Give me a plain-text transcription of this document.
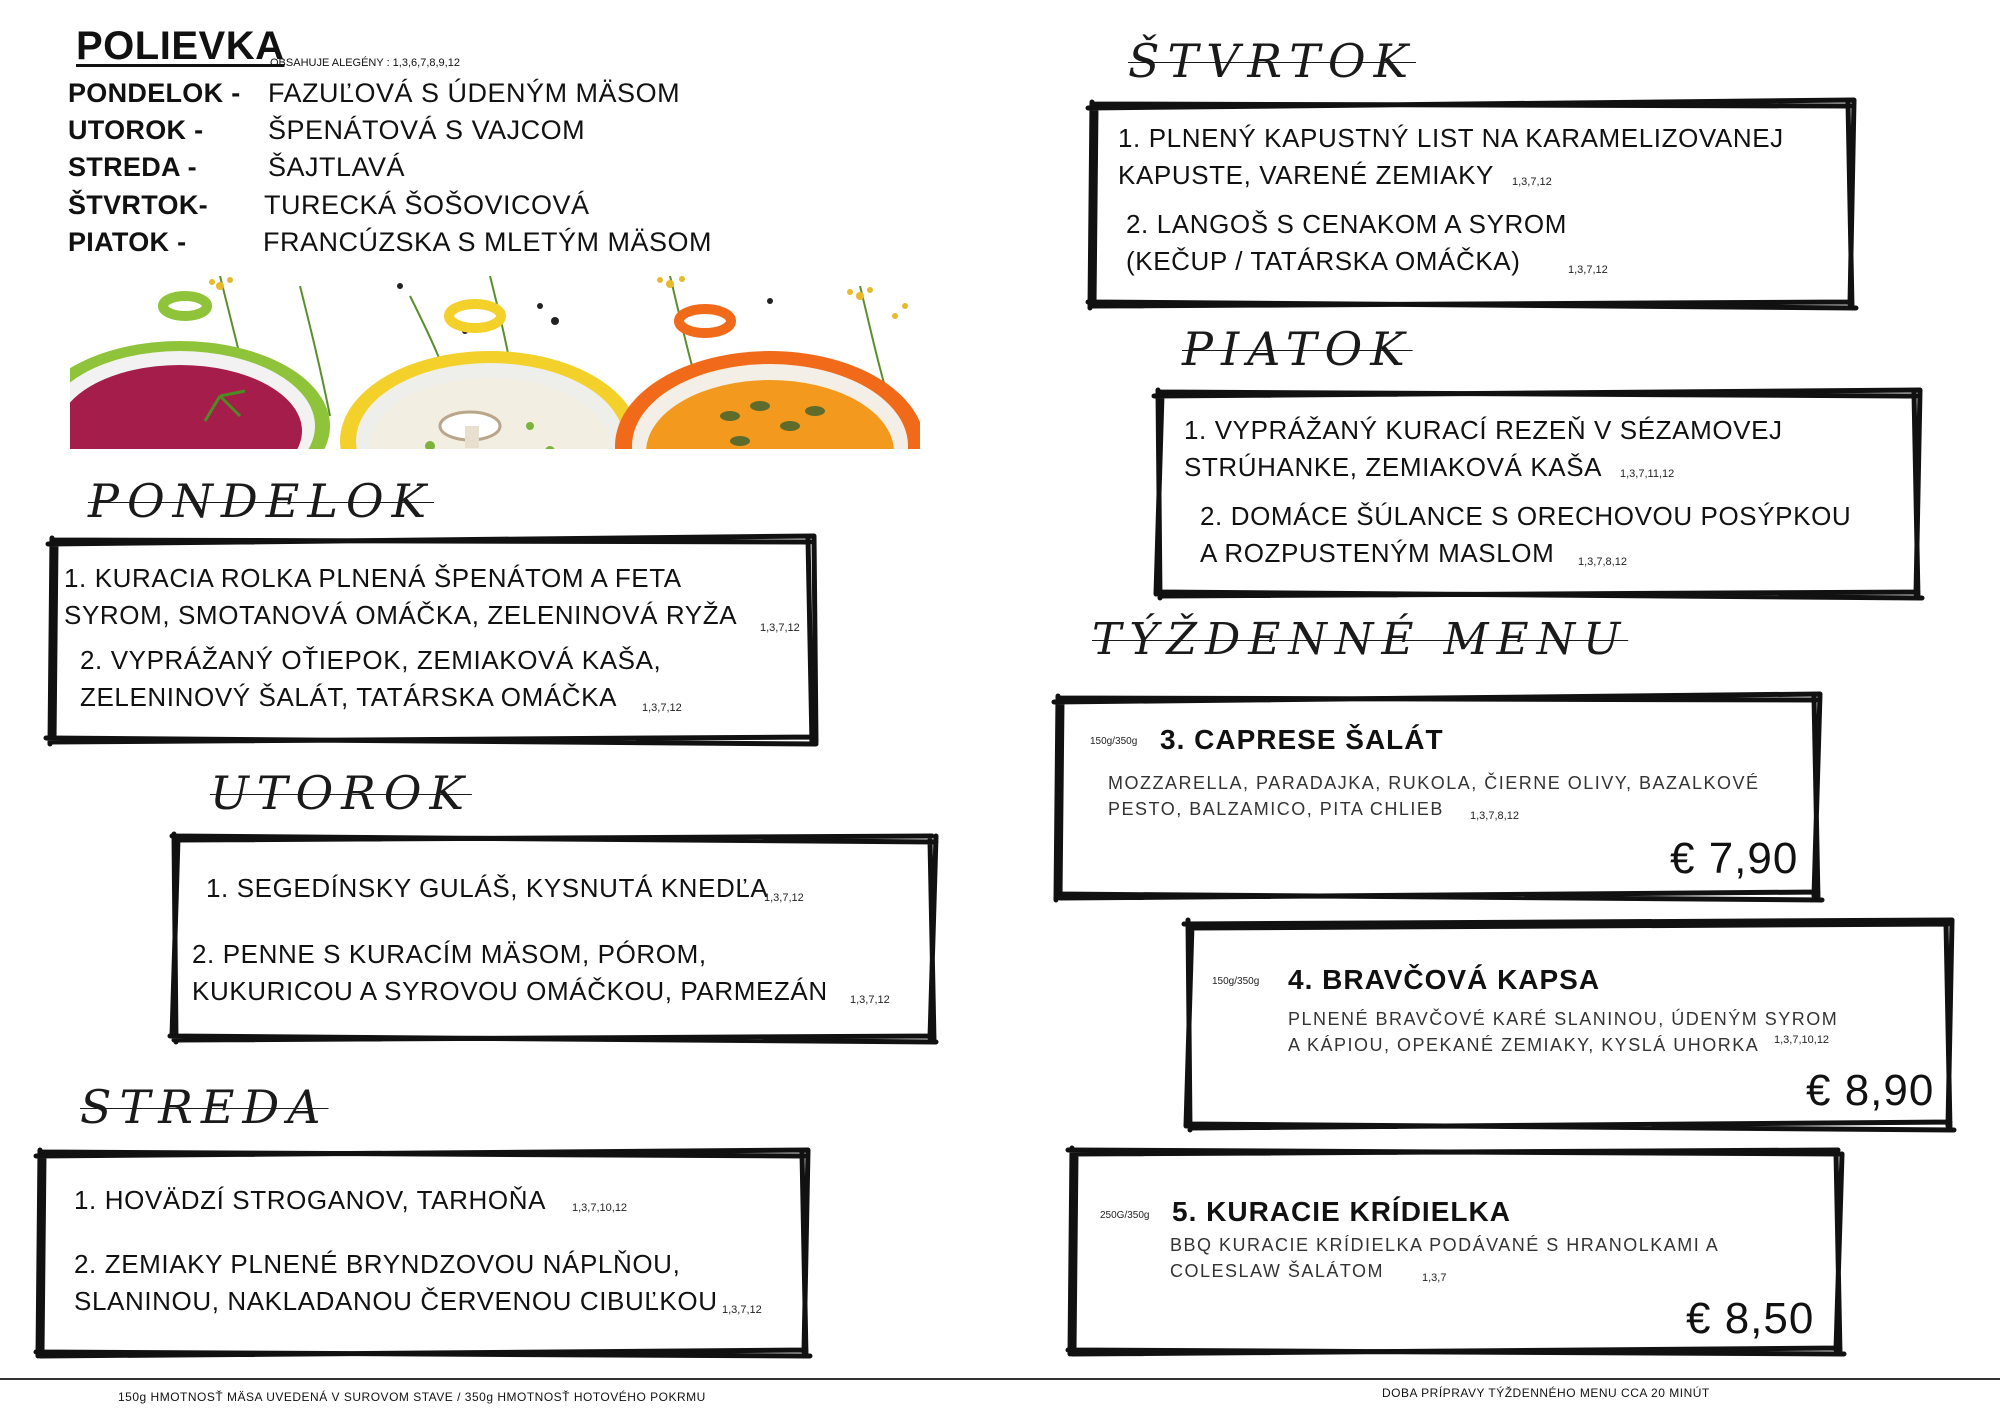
POLIEVKA
OBSAHUJE ALEGÉNY : 1,3,6,7,8,9,12
PONDELOK - FAZUĽOVÁ S ÚDENÝM MÄSOM
UTOROK - ŠPENÁTOVÁ S VAJCOM
STREDA -	ŠAJTLAVÁ
ŠTVRTOK- TURECKÁ ŠOŠOVICOVÁ
PIATOK -	FRANCÚZSKA S MLETÝM MÄSOM
PONDELOK
UTOROK
STREDA
ŠTVRTOK
PIATOK
TÝŽDENNÉ MENU
1. KURACIA ROLKA PLNENÁ ŠPENÁTOM A FETA
SYROM, SMOTANOVÁ OMÁČKA, ZELENINOVÁ RYŽA 1,3,7,12
2. VYPRÁŽANÝ OŤIEPOK, ZEMIAKOVÁ KAŠA,
ZELENINOVÝ ŠALÁT, TATÁRSKA OMÁČKA 1,3,7,12
1. SEGEDÍNSKY GULÁŠ, KYSNUTÁ KNEDĽA
1,3,7,12
2. PENNE S KURACÍM MÄSOM, PÓROM,
KUKURICOU A SYROVOU OMÁČKOU, PARMEZÁN 1,3,7,12
1. HOVÄDZÍ STROGANOV, TARHOŇA 1,3,7,10,12
2. ZEMIAKY PLNENÉ BRYNDZOVOU NÁPLŇOU,
SLANINOU, NAKLADANOU ČERVENOU CIBUĽKOU 1,3,7,12
1. PLNENÝ KAPUSTNÝ LIST NA KARAMELIZOVANEJ
KAPUSTE, VARENÉ ZEMIAKY 1,3,7,12
2. LANGOŠ S CENAKOM A SYROM
(KEČUP / TATÁRSKA OMÁČKA)	1,3,7,12
1. VYPRÁŽANÝ KURACÍ REZEŇ V SÉZAMOVEJ
STRÚHANKE, ZEMIAKOVÁ KAŠA 1,3,7,11,12
2. DOMÁCE ŠÚLANCE S ORECHOVOU POSÝPKOU
A ROZPUSTENÝM MASLOM 1,3,7,8,12
150g/350g 3. CAPRESE ŠALÁT
MOZZARELLA, PARADAJKA, RUKOLA, ČIERNE OLIVY, BAZALKOVÉ
PESTO, BALZAMICO, PITA CHLIEB 1,3,7,8,12
€ 7,90
150g/350g 4. BRAVČOVÁ KAPSA
PLNENÉ BRAVČOVÉ KARÉ SLANINOU, ÚDENÝM SYROM
A KÁPIOU, OPEKANÉ ZEMIAKY, KYSLÁ UHORKA 1,3,7,10,12
€ 8,90
250G/350g 5. KURACIE KRÍDIELKA
BBQ KURACIE KRÍDIELKA PODÁVANÉ S HRANOLKAMI A
COLESLAW ŠALÁTOM	1,3,7
€ 8,50
150g HMOTNOSŤ MÄSA UVEDENÁ V SUROVOM STAVE / 350g HMOTNOSŤ HOTOVÉHO POKRMU	DOBA PRÍPRAVY TÝŽDENNÉHO MENU CCA 20 MINÚT
